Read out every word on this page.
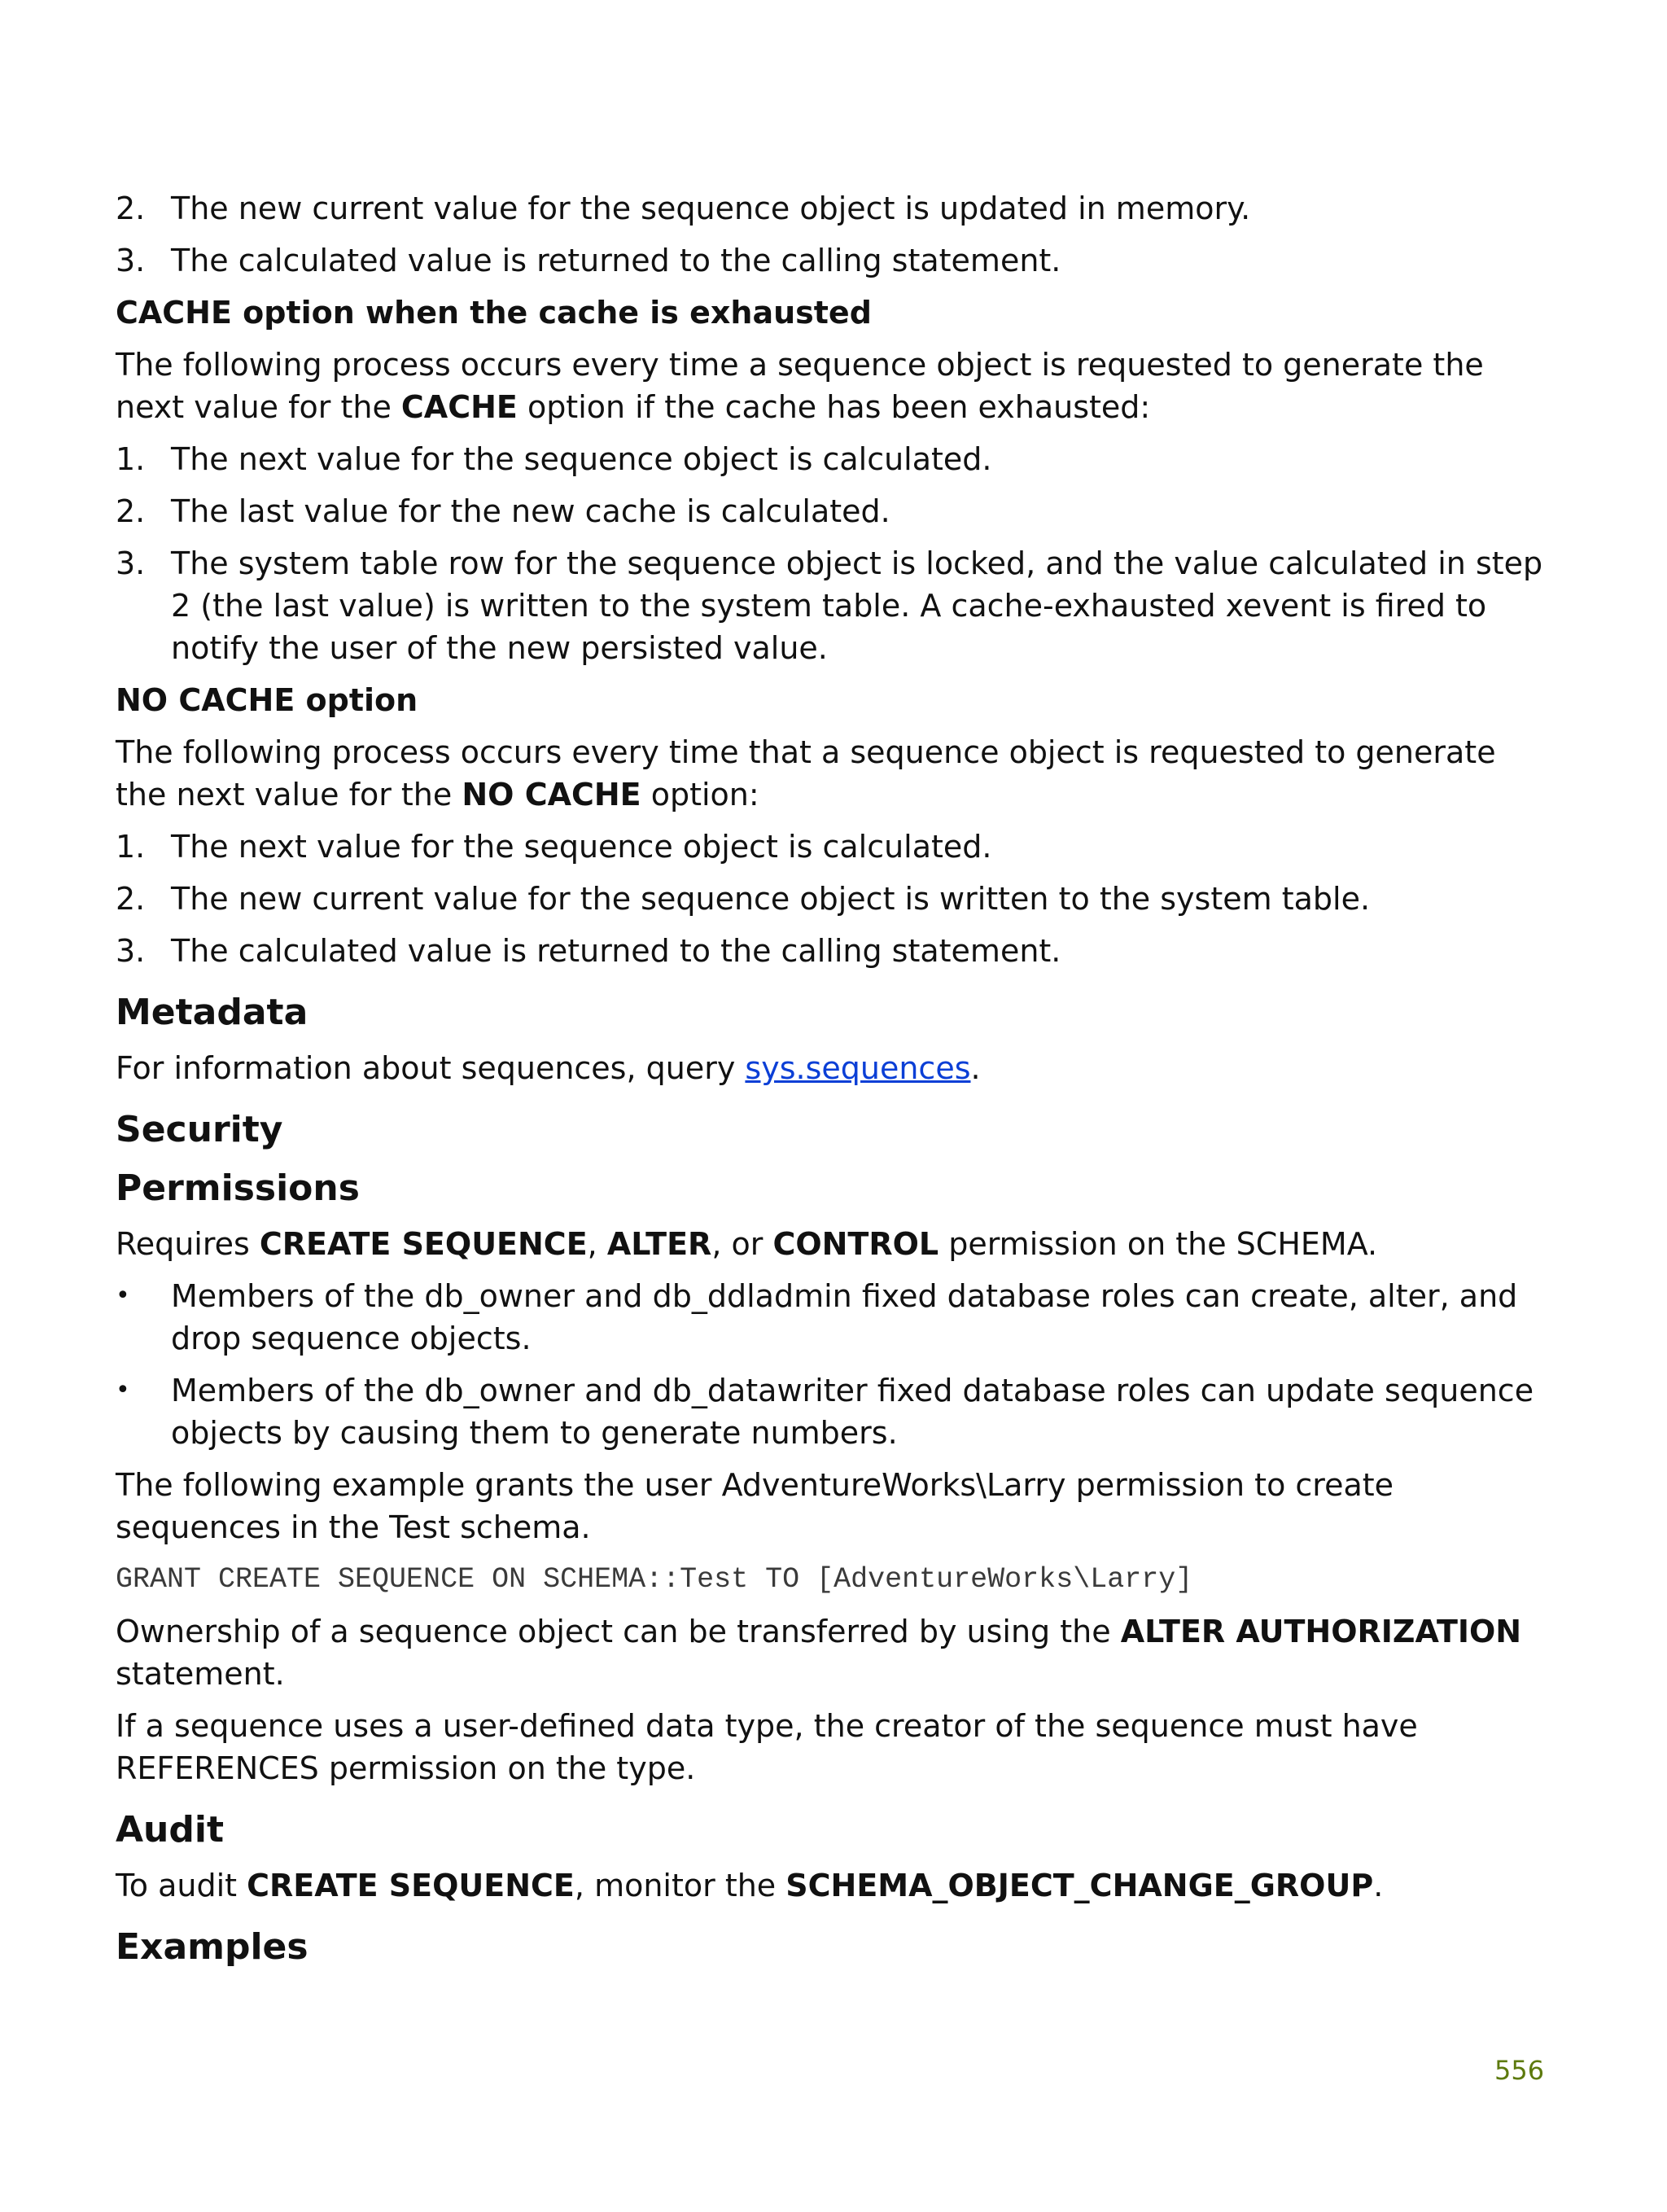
2. The new current value for the sequence object is updated in memory.
3. The calculated value is returned to the calling statement.
CACHE option when the cache is exhausted

The following process occurs every time a sequence object is requested to generate the next value for the CACHE option if the cache has been exhausted:

1. The next value for the sequence object is calculated.
2. The last value for the new cache is calculated.
3. The system table row for the sequence object is locked, and the value calculated in step 2 (the last value) is written to the system table. A cache-exhausted xevent is fired to notify the user of the new persisted value.
NO CACHE option

The following process occurs every time that a sequence object is requested to generate the next value for the NO CACHE option:

1. The next value for the sequence object is calculated.
2. The new current value for the sequence object is written to the system table.
3. The calculated value is returned to the calling statement.
Metadata

For information about sequences, query sys.sequences.

Security
Permissions

Requires CREATE SEQUENCE, ALTER, or CONTROL permission on the SCHEMA.

•	Members of the db_owner and db_ddladmin fixed database roles can create, alter, and drop sequence objects.
•	Members of the db_owner and db_datawriter fixed database roles can update sequence objects by causing them to generate numbers.

The following example grants the user AdventureWorks\Larry permission to create sequences in the Test schema.

GRANT CREATE SEQUENCE ON SCHEMA::Test TO [AdventureWorks\Larry]

Ownership of a sequence object can be transferred by using the ALTER AUTHORIZATION statement.

If a sequence uses a user-defined data type, the creator of the sequence must have REFERENCES permission on the type.

Audit

To audit CREATE SEQUENCE, monitor the SCHEMA_OBJECT_CHANGE_GROUP.

Examples
556
